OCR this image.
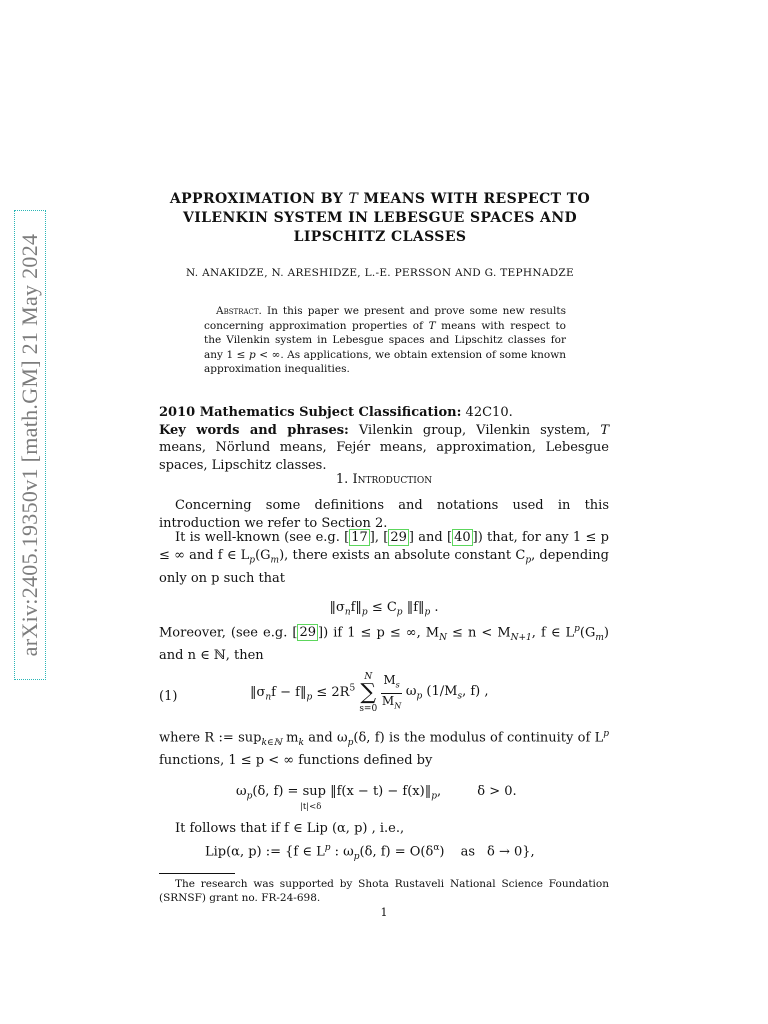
arXiv:2405.19350v1 [math.GM] 21 May 2024
APPROXIMATION BY T MEANS WITH RESPECT TO
VILENKIN SYSTEM IN LEBESGUE SPACES AND
LIPSCHITZ CLASSES
N. ANAKIDZE, N. ARESHIDZE, L.-E. PERSSON AND G. TEPHNADZE
Abstract. In this paper we present and prove some new results concerning approximation properties of T means with respect to the Vilenkin system in Lebesgue spaces and Lipschitz classes for any 1 ≤ p < ∞. As applications, we obtain extension of some known approximation inequalities.
2010 Mathematics Subject Classification: 42C10.
Key words and phrases: Vilenkin group, Vilenkin system, T means, Nörlund means, Fejér means, approximation, Lebesgue spaces, Lipschitz classes.
1. Introduction
Concerning some definitions and notations used in this introduction we refer to Section 2.
It is well-known (see e.g. [ 17 ], [ 29 ] and [ 40 ]) that, for any 1 ≤ p ≤ ∞ and f ∈ $L_p(G_m)$, there exists an absolute constant $C_p$, depending only on p such that
$‖\sigma_nf‖_p \le C_p$ $‖f‖_p$ .
Moreover, (see e.g. [ 29 ]) if 1 ≤ p ≤ ∞, $M_N \le n < M_{N+1}$, f ∈ $L^p(G_m)$ and n ∈ ℕ, then
(1)	$‖\sigma_nf$ − $f‖_p \le 2R^5$
N
∑
s=0
$\frac{M_s}{M_N} \omega_p$ ($1/M_s$, f) ,
where R := sup$_{k\in ℕ}$ $m_k$ and $\omega_p(\delta$, f) is the modulus of continuity of $L^p$ functions, 1 ≤ p < ∞ functions defined by
$\omega_p(\delta$, f) = sup ‖f(x − $t) - f(x)‖_p$,	δ > 0.
|t|<δ
It follows that if f ∈ Lip (α, p) , i.e.,
Lip(α, p) := {f ∈ $L^p$ : $\omega_p(\delta$, $f) = O(\delta^\alpha)$ as δ → 0},
The research was supported by Shota Rustaveli National Science Foundation (SRNSF) grant no. FR-24-698.
1
